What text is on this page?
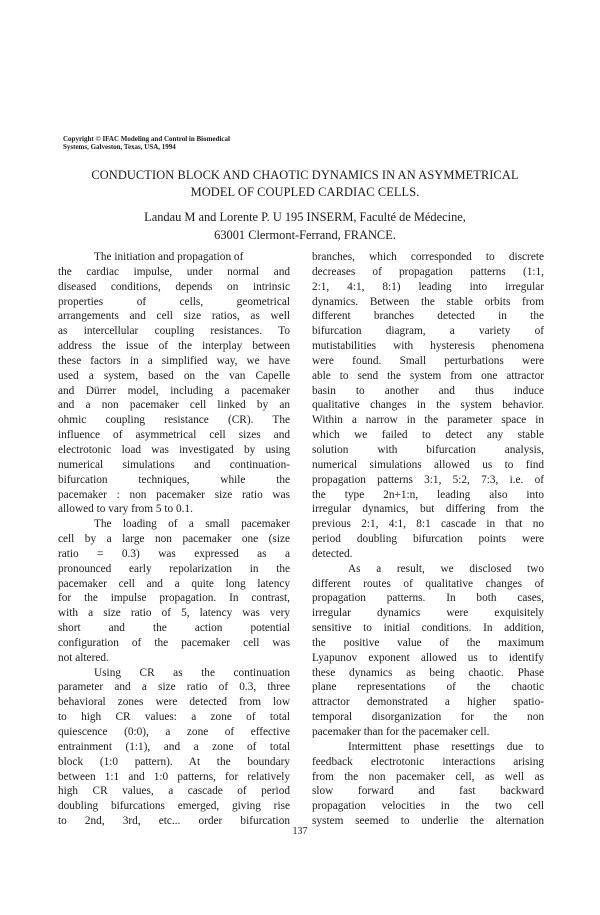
Copyright © IFAC Modeling and Control in Biomedical
Systems, Galveston, Texas, USA, 1994
CONDUCTION BLOCK AND CHAOTIC DYNAMICS IN AN ASYMMETRICAL
MODEL OF COUPLED CARDIAC CELLS.
Landau M and Lorente P. U 195 INSERM, Faculté de Médecine,
63001 Clermont-Ferrand, FRANCE.
The initiation and propagation of
the cardiac impulse, under normal and
diseased conditions, depends on intrinsic
properties of cells, geometrical
arrangements and cell size ratios, as well
as intercellular coupling resistances. To
address the issue of the interplay between
these factors in a simplified way, we have
used a system, based on the van Capelle
and Dürrer model, including a pacemaker
and a non pacemaker cell linked by an
ohmic coupling resistance (CR). The
influence of asymmetrical cell sizes and
electrotonic load was investigated by using
numerical simulations and continuation-
bifurcation techniques, while the
pacemaker : non pacemaker size ratio was
allowed to vary from 5 to 0.1.
The loading of a small pacemaker
cell by a large non pacemaker one (size
ratio = 0.3) was expressed as a
pronounced early repolarization in the
pacemaker cell and a quite long latency
for the impulse propagation. In contrast,
with a size ratio of 5, latency was very
short and the action potential
configuration of the pacemaker cell was
not altered.
Using CR as the continuation
parameter and a size ratio of 0.3, three
behavioral zones were detected from low
to high CR values: a zone of total
quiescence (0:0), a zone of effective
entrainment (1:1), and a zone of total
block (1:0 pattern). At the boundary
between 1:1 and 1:0 patterns, for relatively
high CR values, a cascade of period
doubling bifurcations emerged, giving rise
to 2nd, 3rd, etc... order bifurcation
branches, which corresponded to discrete
decreases of propagation patterns (1:1,
2:1, 4:1, 8:1) leading into irregular
dynamics. Between the stable orbits from
different branches detected in the
bifurcation diagram, a variety of
mutistabilities with hysteresis phenomena
were found. Small perturbations were
able to send the system from one attractor
basin to another and thus induce
qualitative changes in the system behavior.
Within a narrow in the parameter space in
which we failed to detect any stable
solution with bifurcation analysis,
numerical simulations allowed us to find
propagation patterns 3:1, 5:2, 7:3, i.e. of
the type 2n+1:n, leading also into
irregular dynamics, but differing from the
previous 2:1, 4:1, 8:1 cascade in that no
period doubling bifurcation points were
detected.
As a result, we disclosed two
different routes of qualitative changes of
propagation patterns. In both cases,
irregular dynamics were exquisitely
sensitive to initial conditions. In addition,
the positive value of the maximum
Lyapunov exponent allowed us to identify
these dynamics as being chaotic. Phase
plane representations of the chaotic
attractor demonstrated a higher spatio-
temporal disorganization for the non
pacemaker than for the pacemaker cell.
Intermittent phase resettings due to
feedback electrotonic interactions arising
from the non pacemaker cell, as well as
slow forward and fast backward
propagation velocities in the two cell
system seemed to underlie the alternation
137
